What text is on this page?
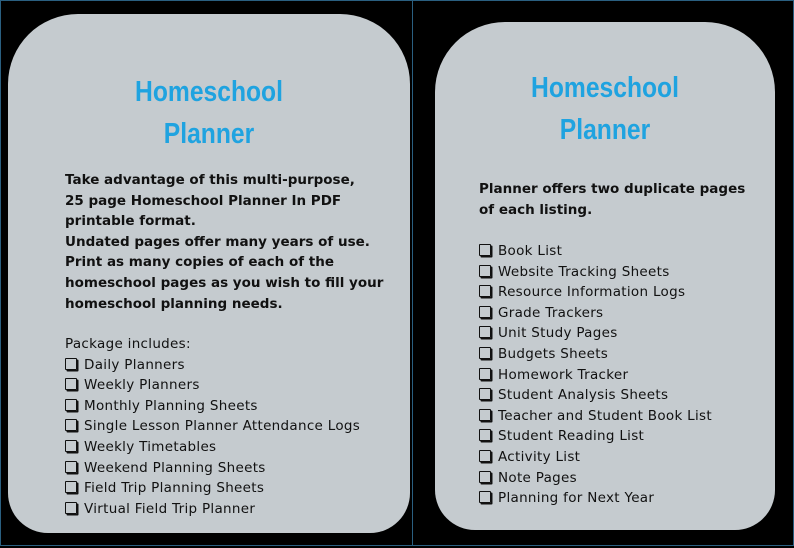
Homeschool
Planner
Take advantage of this multi-purpose,
25 page Homeschool Planner In PDF
printable format.
Undated pages offer many years of use.
Print as many copies of each of the
homeschool pages as you wish to fill your
homeschool planning needs.
Package includes:
Daily Planners
Weekly Planners
Monthly Planning Sheets
Single Lesson Planner Attendance Logs
Weekly Timetables
Weekend Planning Sheets
Field Trip Planning Sheets
Virtual Field Trip Planner
Homeschool
Planner
Planner offers two duplicate pages
of each listing.
Book List
Website Tracking Sheets
Resource Information Logs
Grade Trackers
Unit Study Pages
Budgets Sheets
Homework Tracker
Student Analysis Sheets
Teacher and Student Book List
Student Reading List
Activity List
Note Pages
Planning for Next Year
